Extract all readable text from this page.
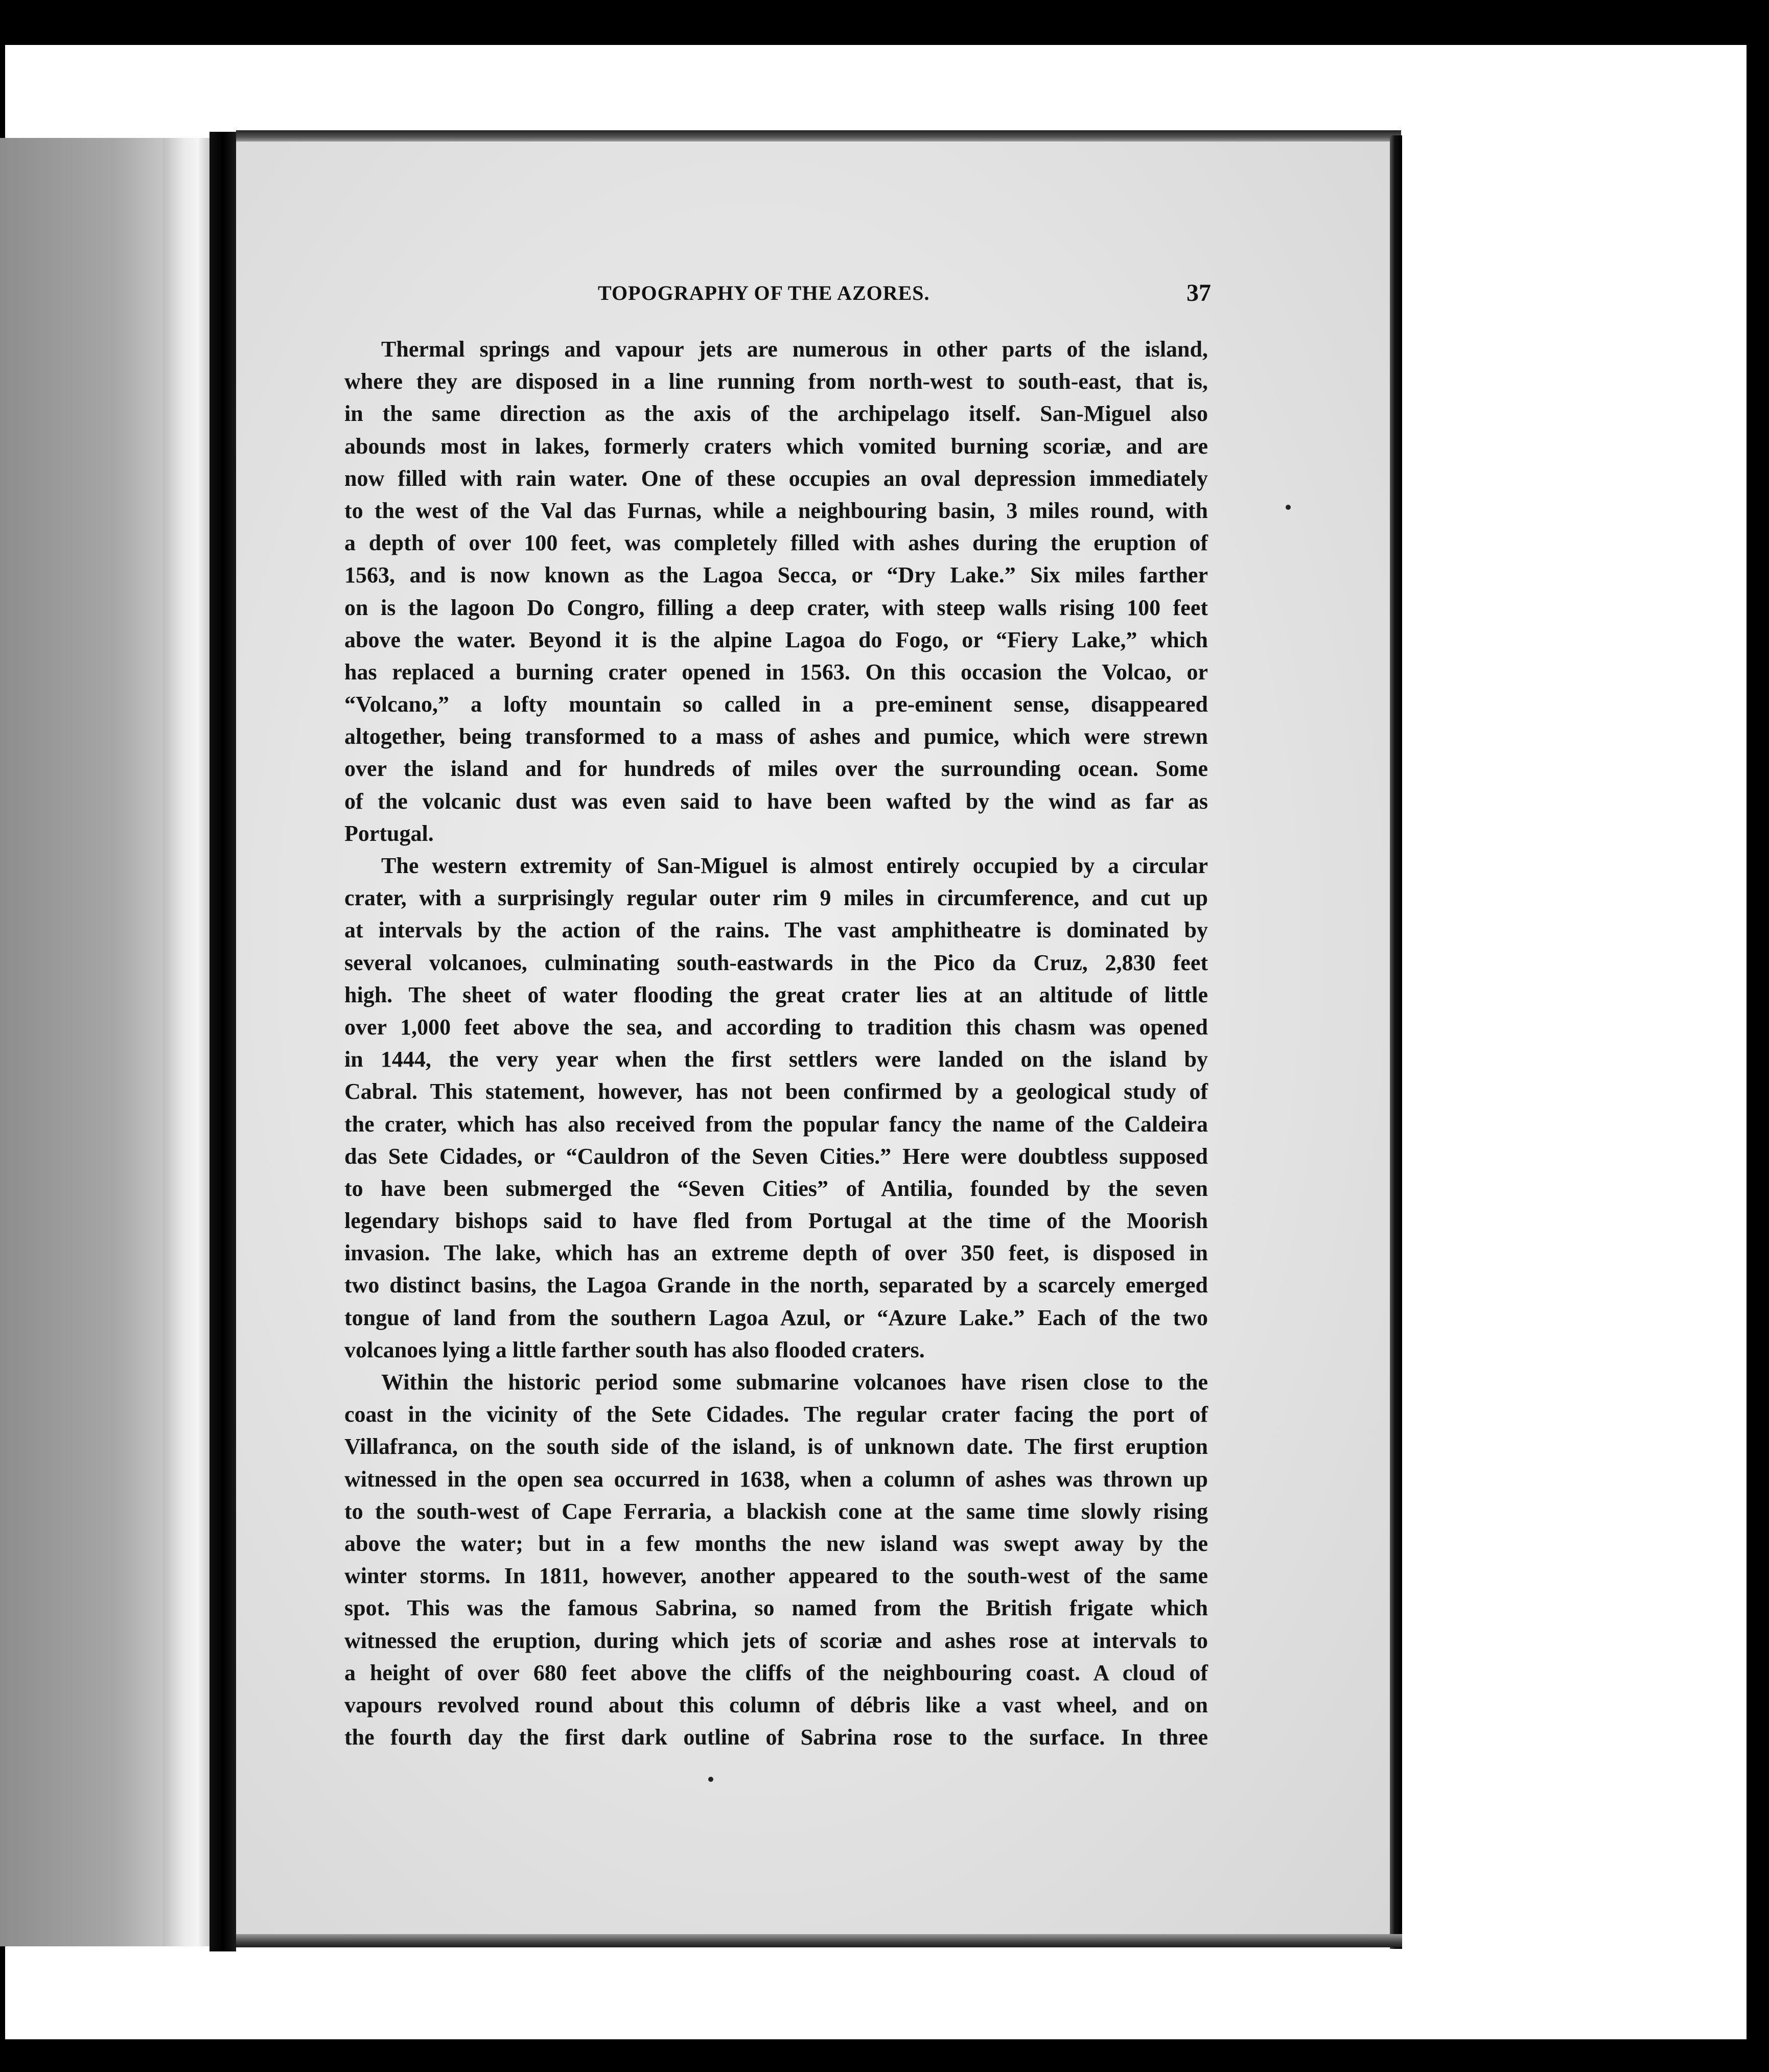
TOPOGRAPHY OF THE AZORES.	37
Thermal springs and vapour jets are numerous in other parts of the island,
where they are disposed in a line running from north-west to south-east, that is,
in the same direction as the axis of the archipelago itself. San-Miguel also
abounds most in lakes, formerly craters which vomited burning scoriæ, and are
now filled with rain water. One of these occupies an oval depression immediately
to the west of the Val das Furnas, while a neighbouring basin, 3 miles round, with
a depth of over 100 feet, was completely filled with ashes during the eruption of
1563, and is now known as the Lagoa Secca, or “Dry Lake.” Six miles farther
on is the lagoon Do Congro, filling a deep crater, with steep walls rising 100 feet
above the water. Beyond it is the alpine Lagoa do Fogo, or “Fiery Lake,” which
has replaced a burning crater opened in 1563. On this occasion the Volcao, or
“Volcano,” a lofty mountain so called in a pre-eminent sense, disappeared
altogether, being transformed to a mass of ashes and pumice, which were strewn
over the island and for hundreds of miles over the surrounding ocean. Some
of the volcanic dust was even said to have been wafted by the wind as far as
Portugal.
The western extremity of San-Miguel is almost entirely occupied by a circular
crater, with a surprisingly regular outer rim 9 miles in circumference, and cut up
at intervals by the action of the rains. The vast amphitheatre is dominated by
several volcanoes, culminating south-eastwards in the Pico da Cruz, 2,830 feet
high. The sheet of water flooding the great crater lies at an altitude of little
over 1,000 feet above the sea, and according to tradition this chasm was opened
in 1444, the very year when the first settlers were landed on the island by
Cabral. This statement, however, has not been confirmed by a geological study of
the crater, which has also received from the popular fancy the name of the Caldeira
das Sete Cidades, or “Cauldron of the Seven Cities.” Here were doubtless supposed
to have been submerged the “Seven Cities” of Antilia, founded by the seven
legendary bishops said to have fled from Portugal at the time of the Moorish
invasion. The lake, which has an extreme depth of over 350 feet, is disposed in
two distinct basins, the Lagoa Grande in the north, separated by a scarcely emerged
tongue of land from the southern Lagoa Azul, or “Azure Lake.” Each of the two
volcanoes lying a little farther south has also flooded craters.
Within the historic period some submarine volcanoes have risen close to the
coast in the vicinity of the Sete Cidades. The regular crater facing the port of
Villafranca, on the south side of the island, is of unknown date. The first eruption
witnessed in the open sea occurred in 1638, when a column of ashes was thrown up
to the south-west of Cape Ferraria, a blackish cone at the same time slowly rising
above the water; but in a few months the new island was swept away by the
winter storms. In 1811, however, another appeared to the south-west of the same
spot. This was the famous Sabrina, so named from the British frigate which
witnessed the eruption, during which jets of scoriæ and ashes rose at intervals to
a height of over 680 feet above the cliffs of the neighbouring coast. A cloud of
vapours revolved round about this column of débris like a vast wheel, and on
the fourth day the first dark outline of Sabrina rose to the surface. In three
